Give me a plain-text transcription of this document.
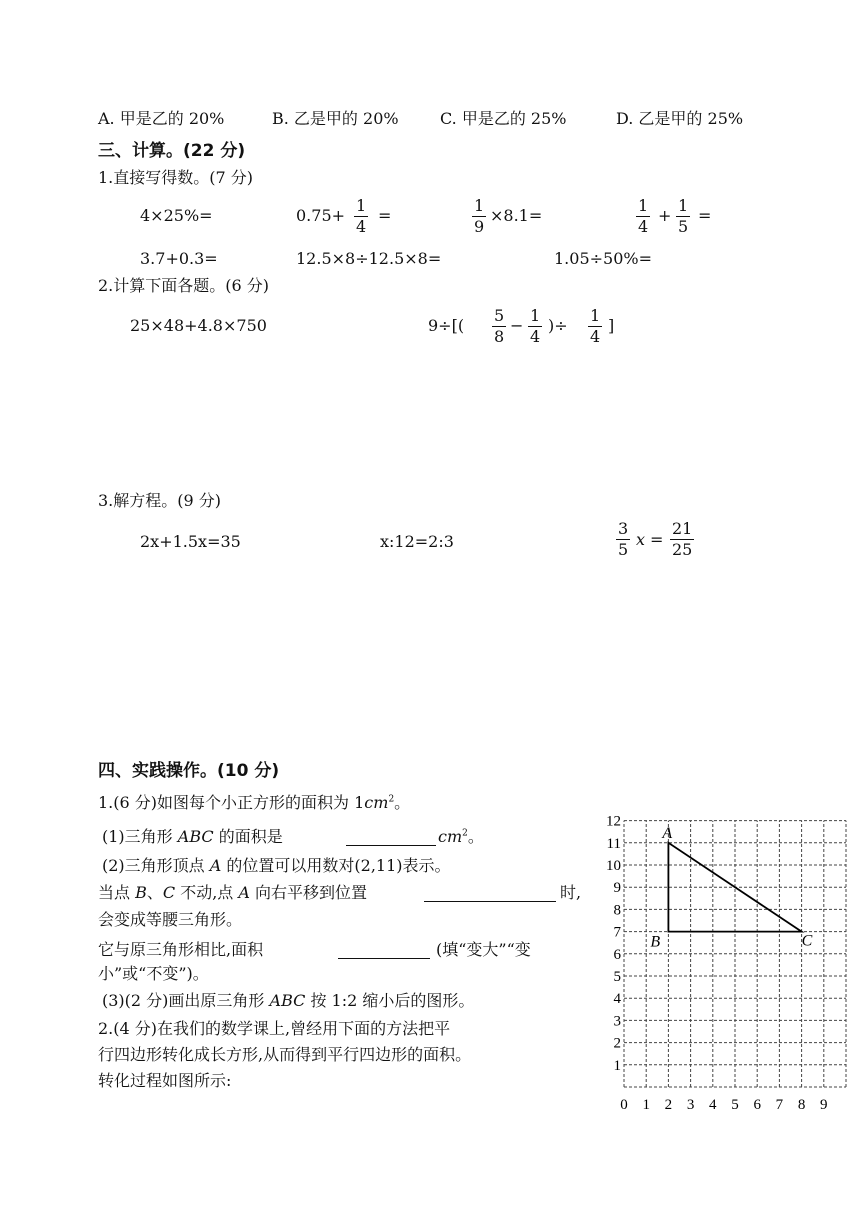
A. 甲是乙的 20%	B. 乙是甲的 20%	C. 甲是乙的 25%	D. 乙是甲的 25%
三、计算。(22 分)
1.直接写得数。(7 分)
4×25%=	0.75+
1
4
=
1
9
×8.1=
1
4
+
1
5
=
3.7+0.3=	12.5×8÷12.5×8=	1.05÷50%=
2.计算下面各题。(6 分)
25×48+4.8×750	9÷[(
5
8
−
1
4
)÷
1
4
]
3.解方程。(9 分)
2x+1.5x=35	x:12=2:3
3
5
x =
21
25
四、实践操作。(10 分)
1.(6 分)如图每个小正方形的面积为 $1cm^2$。
(1)三角形 ABC 的面积是	$cm^2$。
(2)三角形顶点 A 的位置可以用数对(2,11)表示。
当点 B、C 不动,点 A 向右平移到位置	时,
会变成等腰三角形。
它与原三角形相比,面积	(填“变大”“变
小”或“不变”)。
(3)(2 分)画出原三角形 ABC 按 1:2 缩小后的图形。
2.(4 分)在我们的数学课上,曾经用下面的方法把平
行四边形转化成长方形,从而得到平行四边形的面积。
转化过程如图所示:
0 1 2 3 4 5 6 7 8 9
1
2
3
4
5
6
7
8
9
10
11
12
A
B	C
